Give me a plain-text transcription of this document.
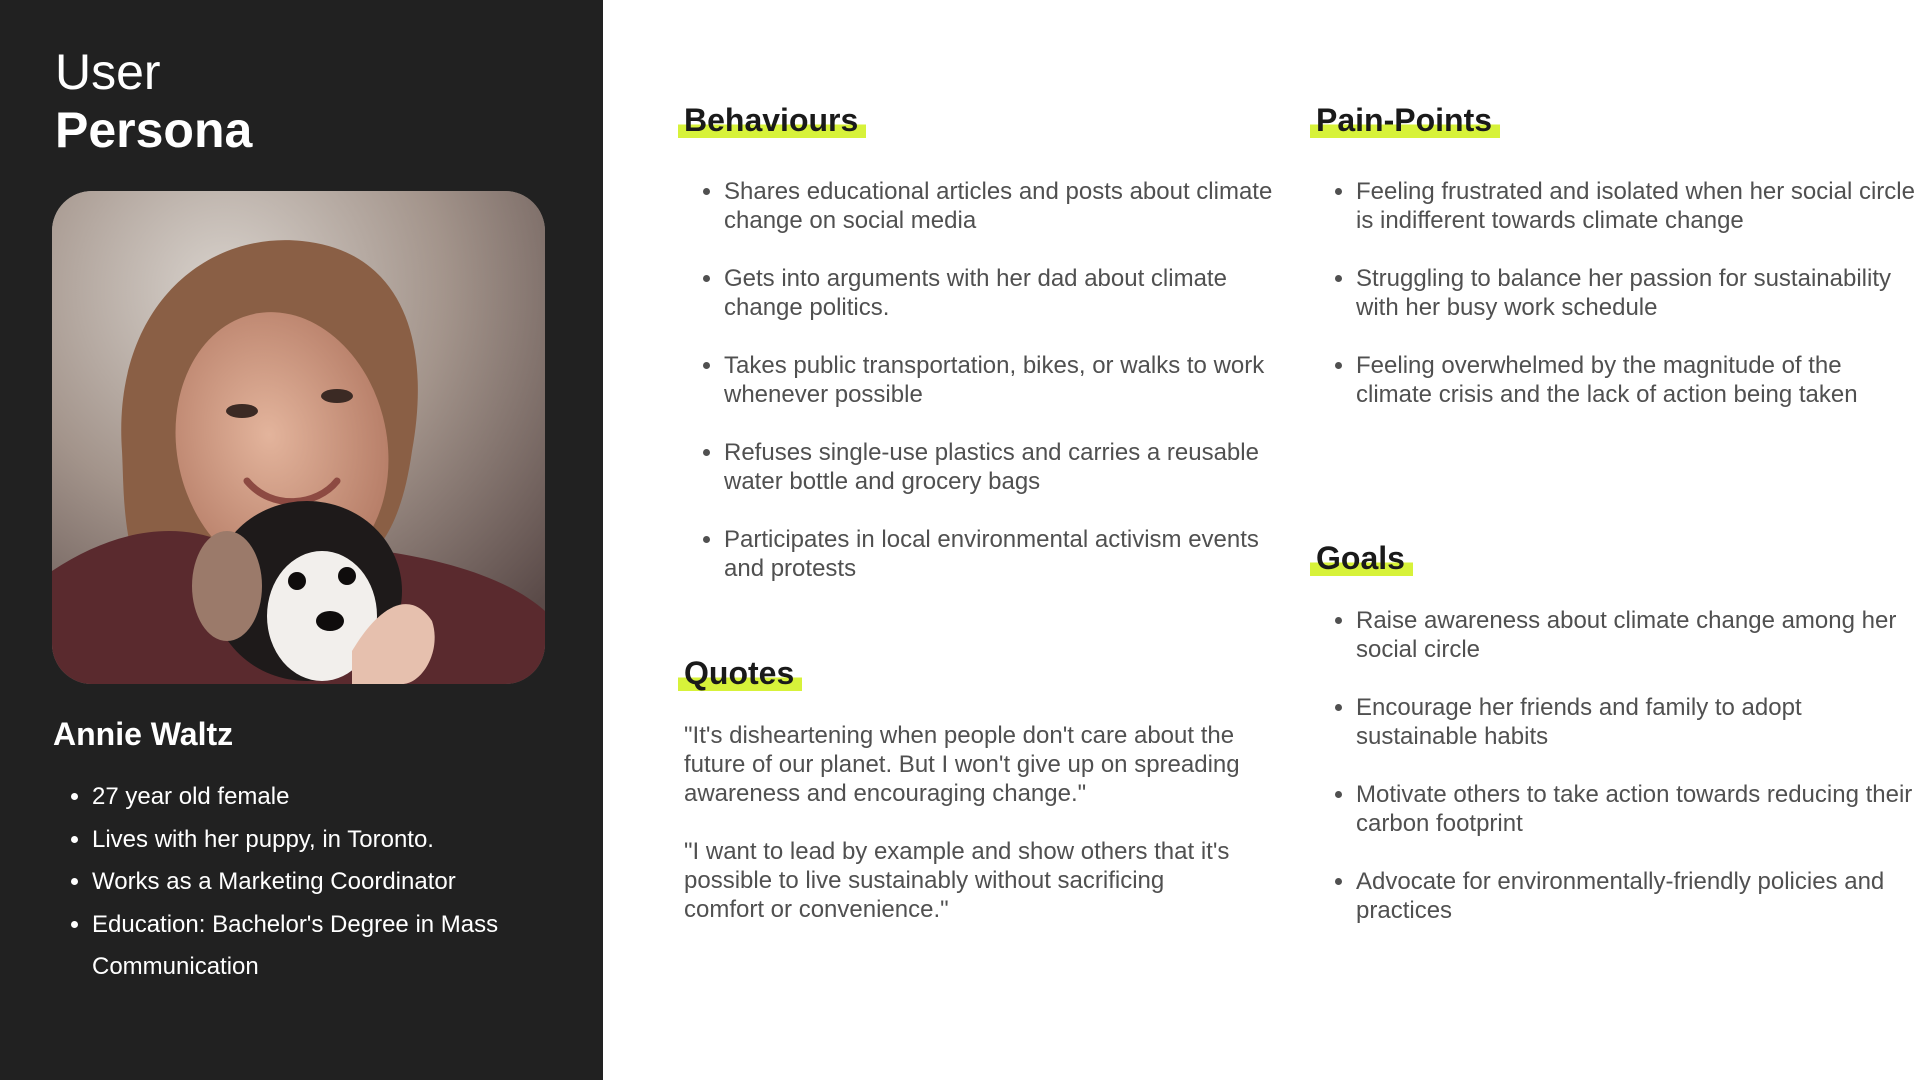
User
Persona
Annie Waltz
• 27 year old female
• Lives with her puppy, in Toronto.
• Works as a Marketing Coordinator
• Education: Bachelor's Degree in Mass Communication
Behaviours
• Shares educational articles and posts about climate change on social media
• Gets into arguments with her dad about climate change politics.
• Takes public transportation, bikes, or walks to work whenever possible
• Refuses single-use plastics and carries a reusable water bottle and grocery bags
• Participates in local environmental activism events and protests
Quotes

"It's disheartening when people don't care about the future of our planet. But I won't give up on spreading awareness and encouraging change."

"I want to lead by example and show others that it's possible to live sustainably without sacrificing comfort or convenience."

Pain-Points
• Feeling frustrated and isolated when her social circle is indifferent towards climate change
• Struggling to balance her passion for sustainability with her busy work schedule
• Feeling overwhelmed by the magnitude of the climate crisis and the lack of action being taken
Goals
• Raise awareness about climate change among her social circle
• Encourage her friends and family to adopt sustainable habits
• Motivate others to take action towards reducing their carbon footprint
• Advocate for environmentally-friendly policies and practices
